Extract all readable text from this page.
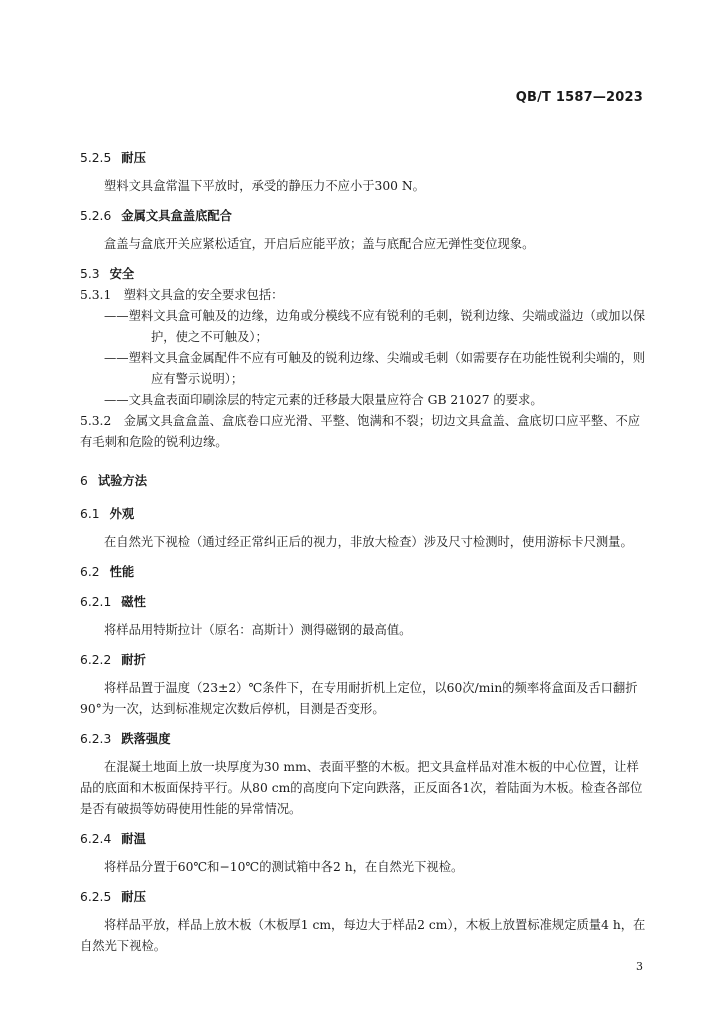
QB/T 1587—2023
5.2.5 耐压
塑料文具盒常温下平放时，承受的静压力不应小于300 N。
5.2.6 金属文具盒盖底配合
盒盖与盒底开关应紧松适宜，开启后应能平放；盖与底配合应无弹性变位现象。
5.3 安全
5.3.1　塑料文具盒的安全要求包括：
——塑料文具盒可触及的边缘，边角或分模线不应有锐利的毛刺，锐利边缘、尖端或溢边（或加以保护，使之不可触及）；
——塑料文具盒金属配件不应有可触及的锐利边缘、尖端或毛刺（如需要存在功能性锐利尖端的，则应有警示说明）；
——文具盒表面印刷涂层的特定元素的迁移最大限量应符合 GB 21027 的要求。
5.3.2　金属文具盒盒盖、盒底卷口应光滑、平整、饱满和不裂；切边文具盒盖、盒底切口应平整、不应有毛刺和危险的锐利边缘。
6 试验方法
6.1 外观
在自然光下视检（通过经正常纠正后的视力，非放大检查）涉及尺寸检测时，使用游标卡尺测量。
6.2 性能
6.2.1 磁性
将样品用特斯拉计（原名：高斯计）测得磁钢的最高值。
6.2.2 耐折
将样品置于温度（23±2）℃条件下，在专用耐折机上定位，以60次/min的频率将盒面及舌口翻折90°为一次，达到标准规定次数后停机，目测是否变形。
6.2.3 跌落强度
在混凝土地面上放一块厚度为30 mm、表面平整的木板。把文具盒样品对准木板的中心位置，让样品的底面和木板面保持平行。从80 cm的高度向下定向跌落，正反面各1次，着陆面为木板。检查各部位是否有破损等妨碍使用性能的异常情况。
6.2.4 耐温
将样品分置于60℃和−10℃的测试箱中各2 h，在自然光下视检。
6.2.5 耐压
将样品平放，样品上放木板（木板厚1 cm，每边大于样品2 cm），木板上放置标准规定质量4 h，在自然光下视检。
3
